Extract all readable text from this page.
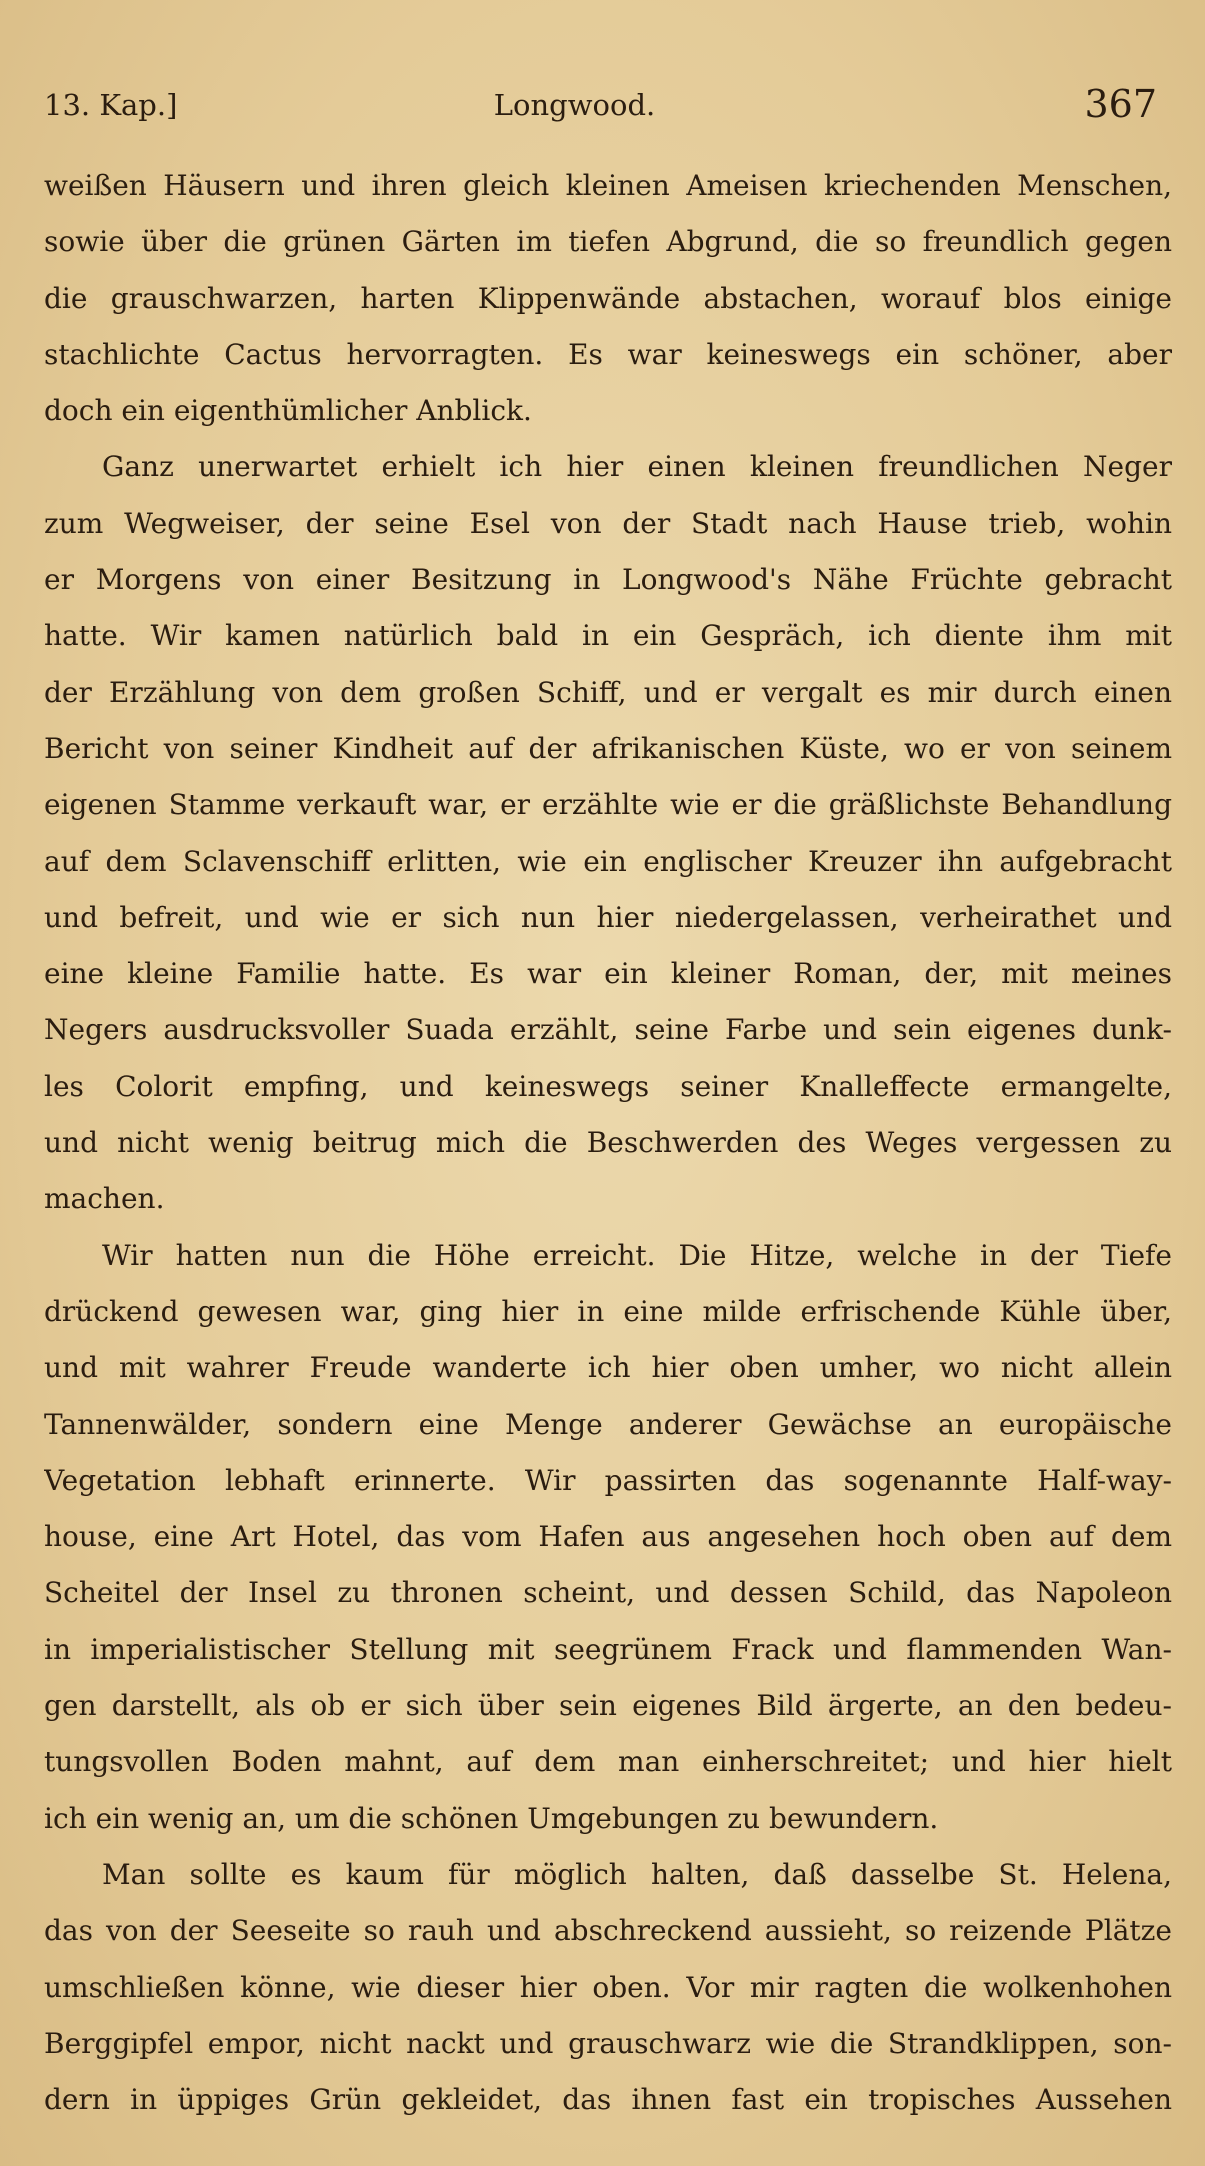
13. Kap.]	Longwood.	367
weißen Häusern und ihren gleich kleinen Ameisen kriechenden Menschen,
sowie über die grünen Gärten im tiefen Abgrund, die so freundlich gegen
die grauschwarzen, harten Klippenwände abstachen, worauf blos einige
stachlichte Cactus hervorragten. Es war keineswegs ein schöner, aber
doch ein eigenthümlicher Anblick.
Ganz unerwartet erhielt ich hier einen kleinen freundlichen Neger
zum Wegweiser, der seine Esel von der Stadt nach Hause trieb, wohin
er Morgens von einer Besitzung in Longwood's Nähe Früchte gebracht
hatte. Wir kamen natürlich bald in ein Gespräch, ich diente ihm mit
der Erzählung von dem großen Schiff, und er vergalt es mir durch einen
Bericht von seiner Kindheit auf der afrikanischen Küste, wo er von seinem
eigenen Stamme verkauft war, er erzählte wie er die gräßlichste Behandlung
auf dem Sclavenschiff erlitten, wie ein englischer Kreuzer ihn aufgebracht
und befreit, und wie er sich nun hier niedergelassen, verheirathet und
eine kleine Familie hatte. Es war ein kleiner Roman, der, mit meines
Negers ausdrucksvoller Suada erzählt, seine Farbe und sein eigenes dunk-
les Colorit empfing, und keineswegs seiner Knalleffecte ermangelte,
und nicht wenig beitrug mich die Beschwerden des Weges vergessen zu
machen.
Wir hatten nun die Höhe erreicht. Die Hitze, welche in der Tiefe
drückend gewesen war, ging hier in eine milde erfrischende Kühle über,
und mit wahrer Freude wanderte ich hier oben umher, wo nicht allein
Tannenwälder, sondern eine Menge anderer Gewächse an europäische
Vegetation lebhaft erinnerte. Wir passirten das sogenannte Half-way-
house, eine Art Hotel, das vom Hafen aus angesehen hoch oben auf dem
Scheitel der Insel zu thronen scheint, und dessen Schild, das Napoleon
in imperialistischer Stellung mit seegrünem Frack und flammenden Wan-
gen darstellt, als ob er sich über sein eigenes Bild ärgerte, an den bedeu-
tungsvollen Boden mahnt, auf dem man einherschreitet; und hier hielt
ich ein wenig an, um die schönen Umgebungen zu bewundern.
Man sollte es kaum für möglich halten, daß dasselbe St. Helena,
das von der Seeseite so rauh und abschreckend aussieht, so reizende Plätze
umschließen könne, wie dieser hier oben. Vor mir ragten die wolkenhohen
Berggipfel empor, nicht nackt und grauschwarz wie die Strandklippen, son-
dern in üppiges Grün gekleidet, das ihnen fast ein tropisches Aussehen
